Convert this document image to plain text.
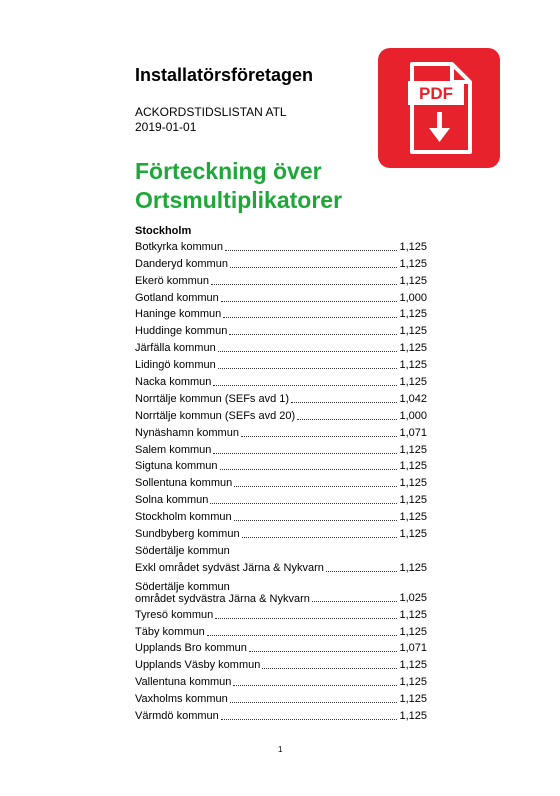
Installatörsföretagen
ACKORDSTIDSLISTAN ATL
2019-01-01
Förteckning över
Ortsmultiplikatorer
PDF
Stockholm
Botkyrka kommun	1,125
Danderyd kommun	1,125
Ekerö kommun	1,125
Gotland kommun	1,000
Haninge kommun	1,125
Huddinge kommun	1,125
Järfälla kommun	1,125
Lidingö kommun	1,125
Nacka kommun	1,125
Norrtälje kommun (SEFs avd 1)	1,042
Norrtälje kommun (SEFs avd 20)	1,000
Nynäshamn kommun	1,071
Salem kommun	1,125
Sigtuna kommun	1,125
Sollentuna kommun	1,125
Solna kommun	1,125
Stockholm kommun	1,125
Sundbyberg kommun	1,125
Södertälje kommun
Exkl området sydväst Järna & Nykvarn	1,125
Södertälje kommun
området sydvästra Järna & Nykvarn	1,025
Tyresö kommun	1,125
Täby kommun	1,125
Upplands Bro kommun	1,071
Upplands Väsby kommun	1,125
Vallentuna kommun	1,125
Vaxholms kommun	1,125
Värmdö kommun	1,125
1
